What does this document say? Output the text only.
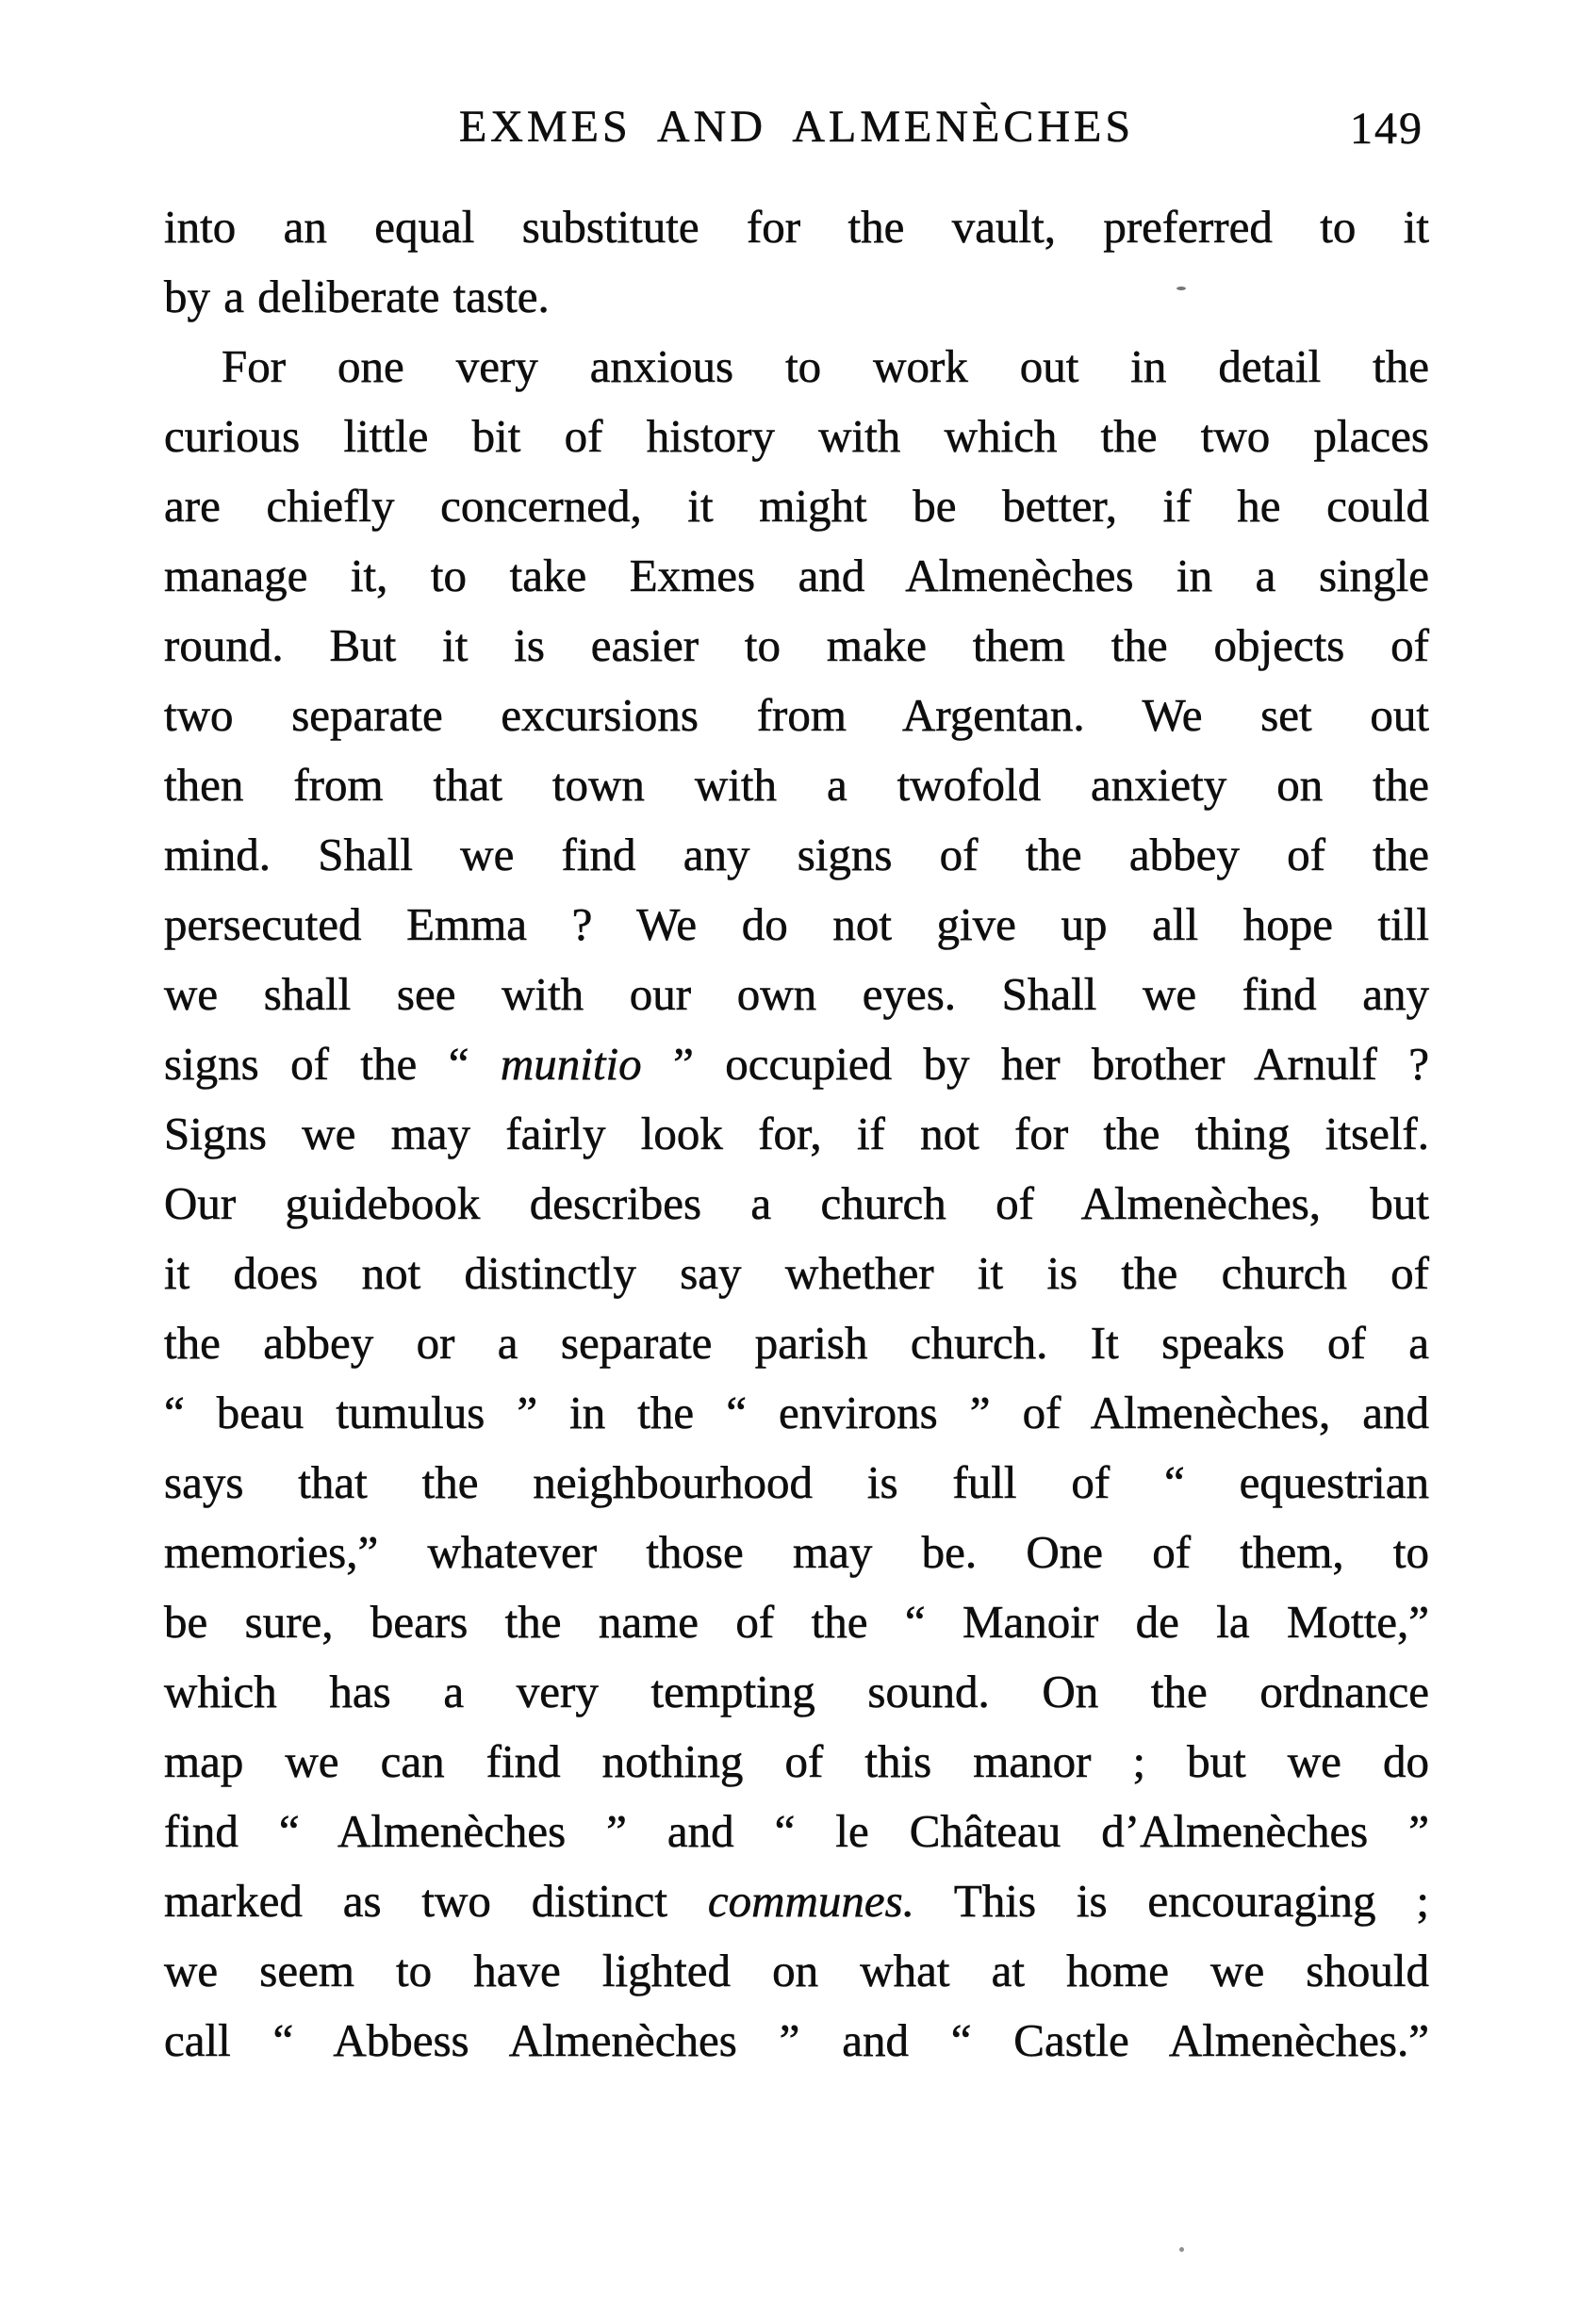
EXMES AND ALMENÈCHES	149
into an equal substitute for the vault, preferred to it
by a deliberate taste.
For one very anxious to work out in detail the
curious little bit of history with which the two places
are chiefly concerned, it might be better, if he could
manage it, to take Exmes and Almenèches in a single
round. But it is easier to make them the objects of
two separate excursions from Argentan. We set out
then from that town with a twofold anxiety on the
mind. Shall we find any signs of the abbey of the
persecuted Emma ? We do not give up all hope till
we shall see with our own eyes. Shall we find any
signs of the “ munitio ” occupied by her brother Arnulf ?
Signs we may fairly look for, if not for the thing itself.
Our guidebook describes a church of Almenèches, but
it does not distinctly say whether it is the church of
the abbey or a separate parish church. It speaks of a
“ beau tumulus ” in the “ environs ” of Almenèches, and
says that the neighbourhood is full of “ equestrian
memories,” whatever those may be. One of them, to
be sure, bears the name of the “ Manoir de la Motte,”
which has a very tempting sound. On the ordnance
map we can find nothing of this manor ; but we do
find “ Almenèches ” and “ le Château d’Almenèches ”
marked as two distinct communes. This is encouraging ;
we seem to have lighted on what at home we should
call “ Abbess Almenèches ” and “ Castle Almenèches.”
